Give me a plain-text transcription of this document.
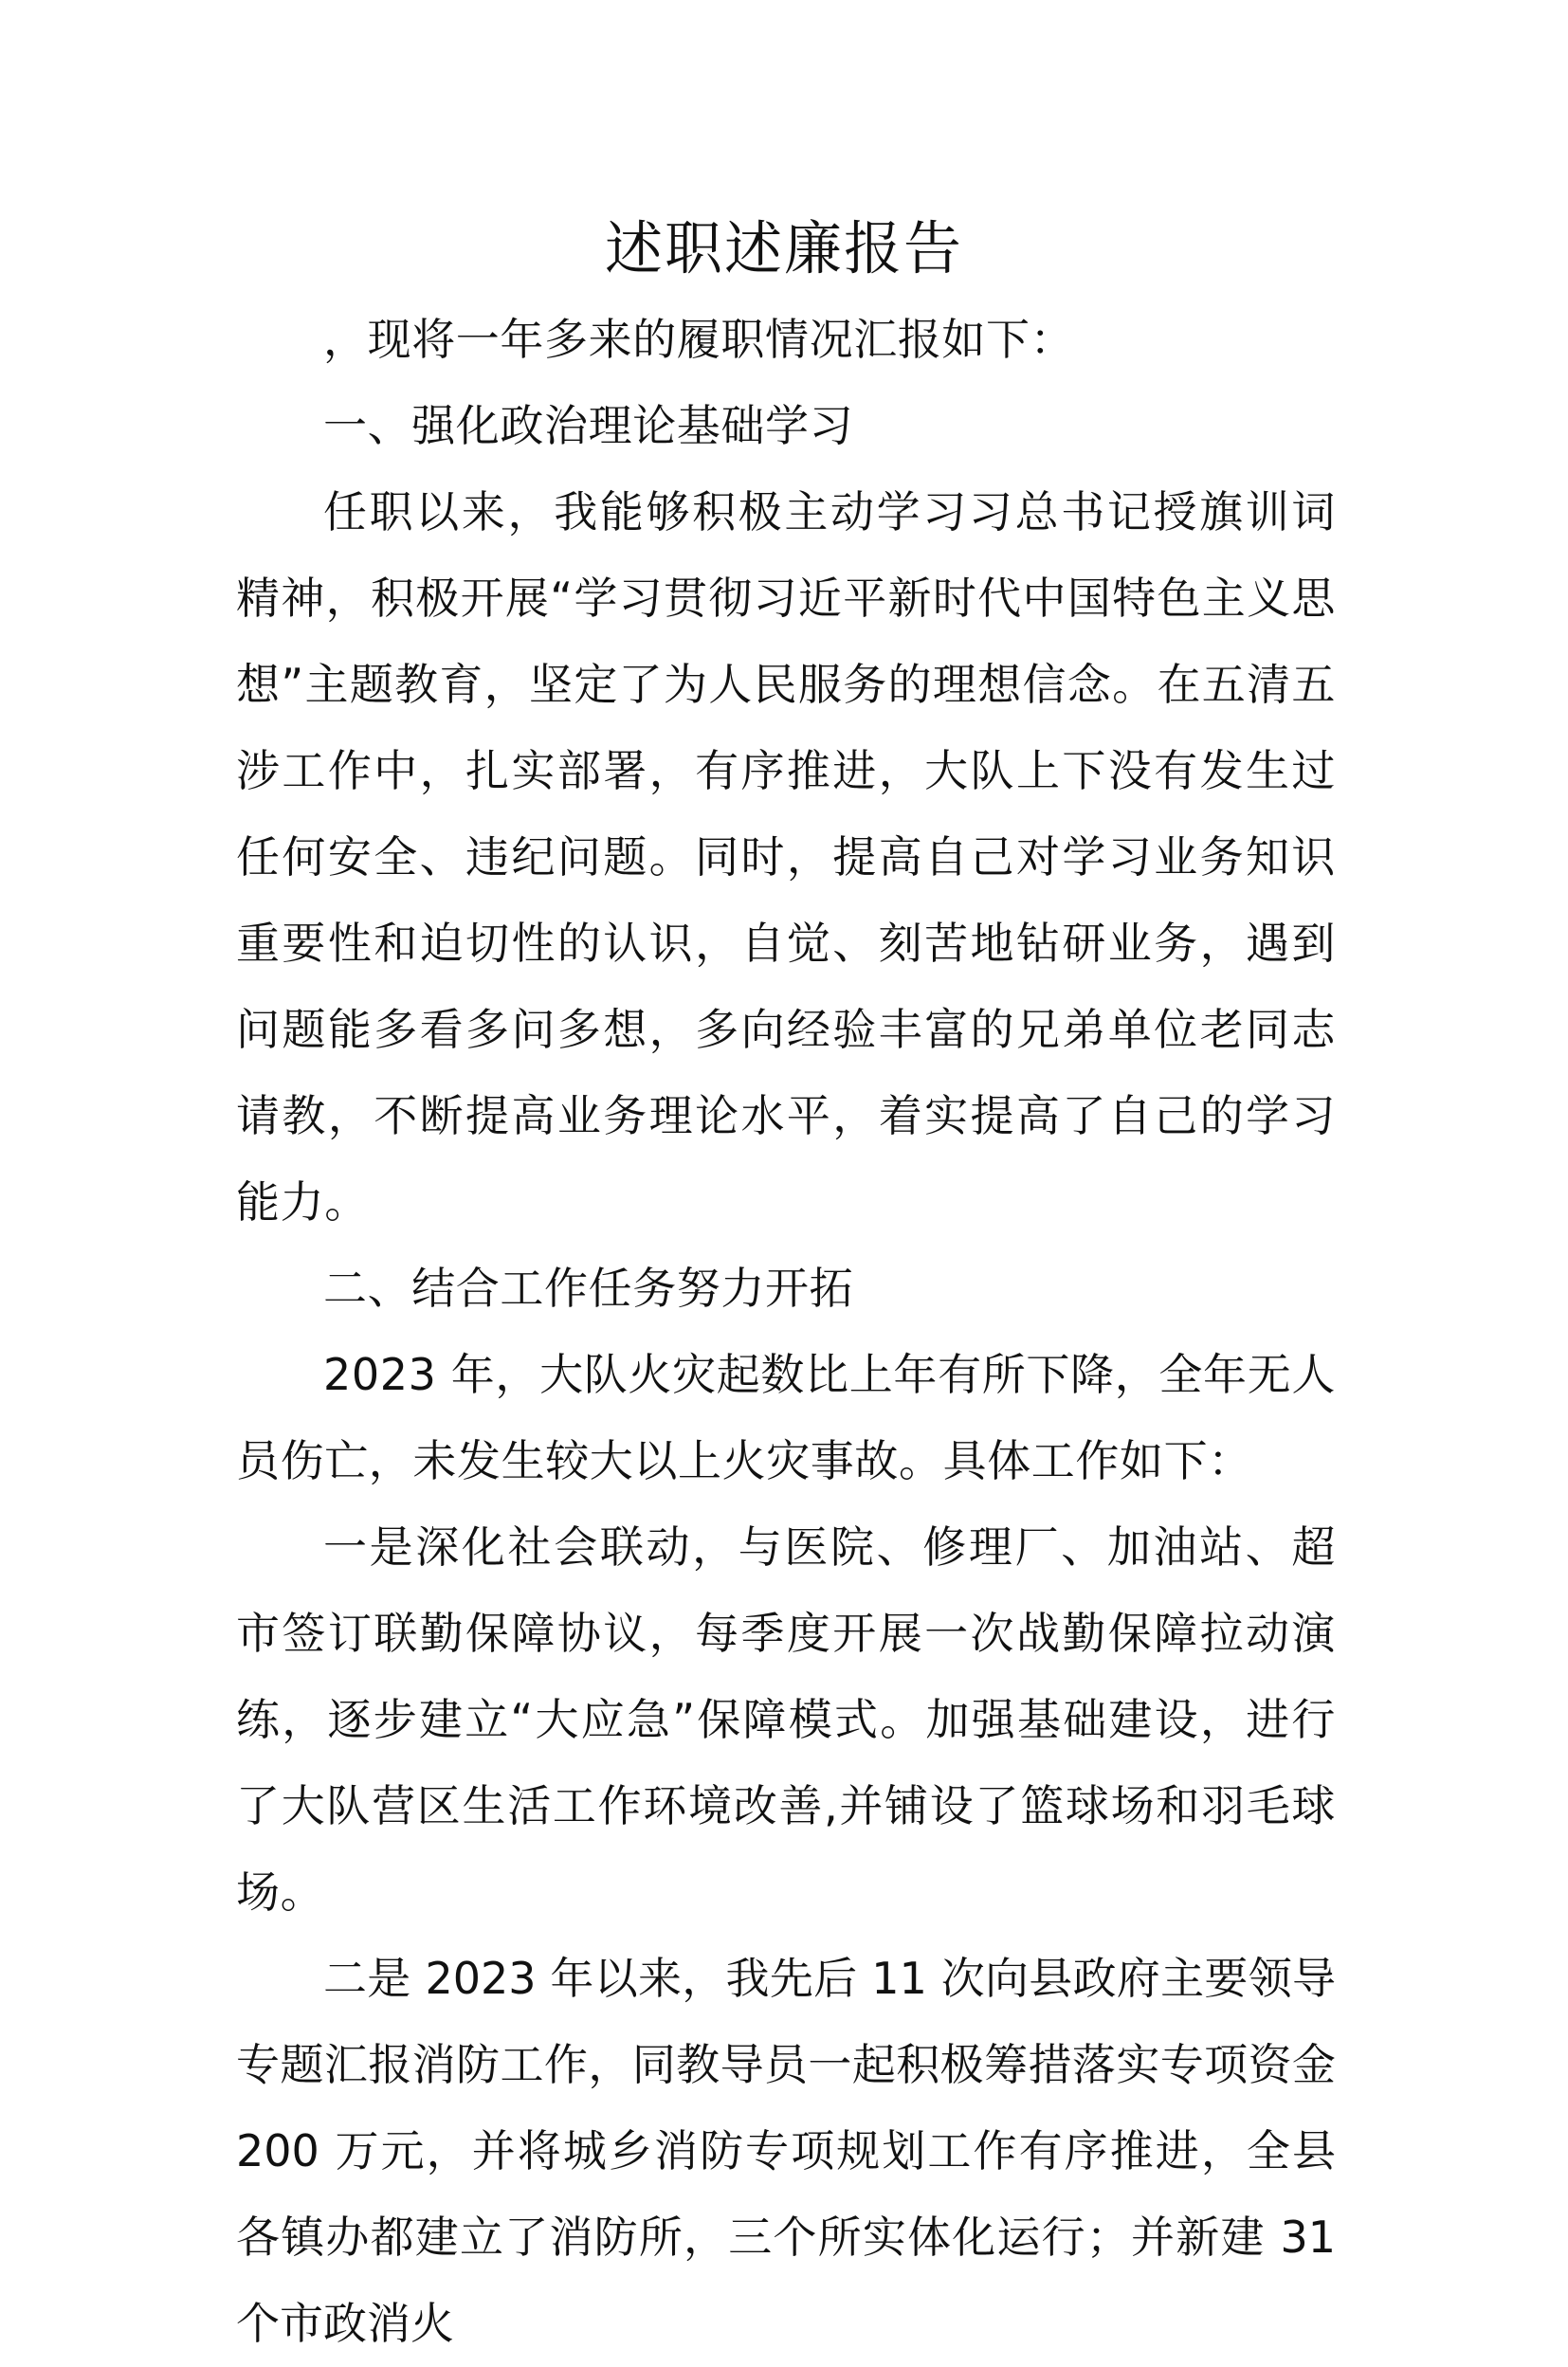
述职述廉报告

，现将一年多来的履职情况汇报如下：

一、强化政治理论基础学习

任职以来，我能够积极主动学习习总书记授旗训词精神，积极开展“学习贯彻习近平新时代中国特色主义思想”主题教育，坚定了为人民服务的理想信念。在五清五涉工作中，扎实部署，有序推进，大队上下没有发生过任何安全、违纪问题。同时，提高自己对学习业务知识重要性和迫切性的认识，自觉、刻苦地钻研业务，遇到问题能多看多问多想，多向经验丰富的兄弟单位老同志请教，不断提高业务理论水平，着实提高了自己的学习能力。

二、结合工作任务努力开拓

2023 年，大队火灾起数比上年有所下降，全年无人员伤亡，未发生较大以上火灾事故。具体工作如下：

一是深化社会联动，与医院、修理厂、加油站、超市签订联勤保障协议，每季度开展一次战勤保障拉动演练，逐步建立“大应急”保障模式。加强基础建设，进行了大队营区生活工作环境改善,并铺设了篮球场和羽毛球场。

二是 2023 年以来，我先后 11 次向县政府主要领导专题汇报消防工作，同教导员一起积极筹措落实专项资金 200 万元，并将城乡消防专项规划工作有序推进，全县各镇办都建立了消防所，三个所实体化运行；并新建 31 个市政消火
